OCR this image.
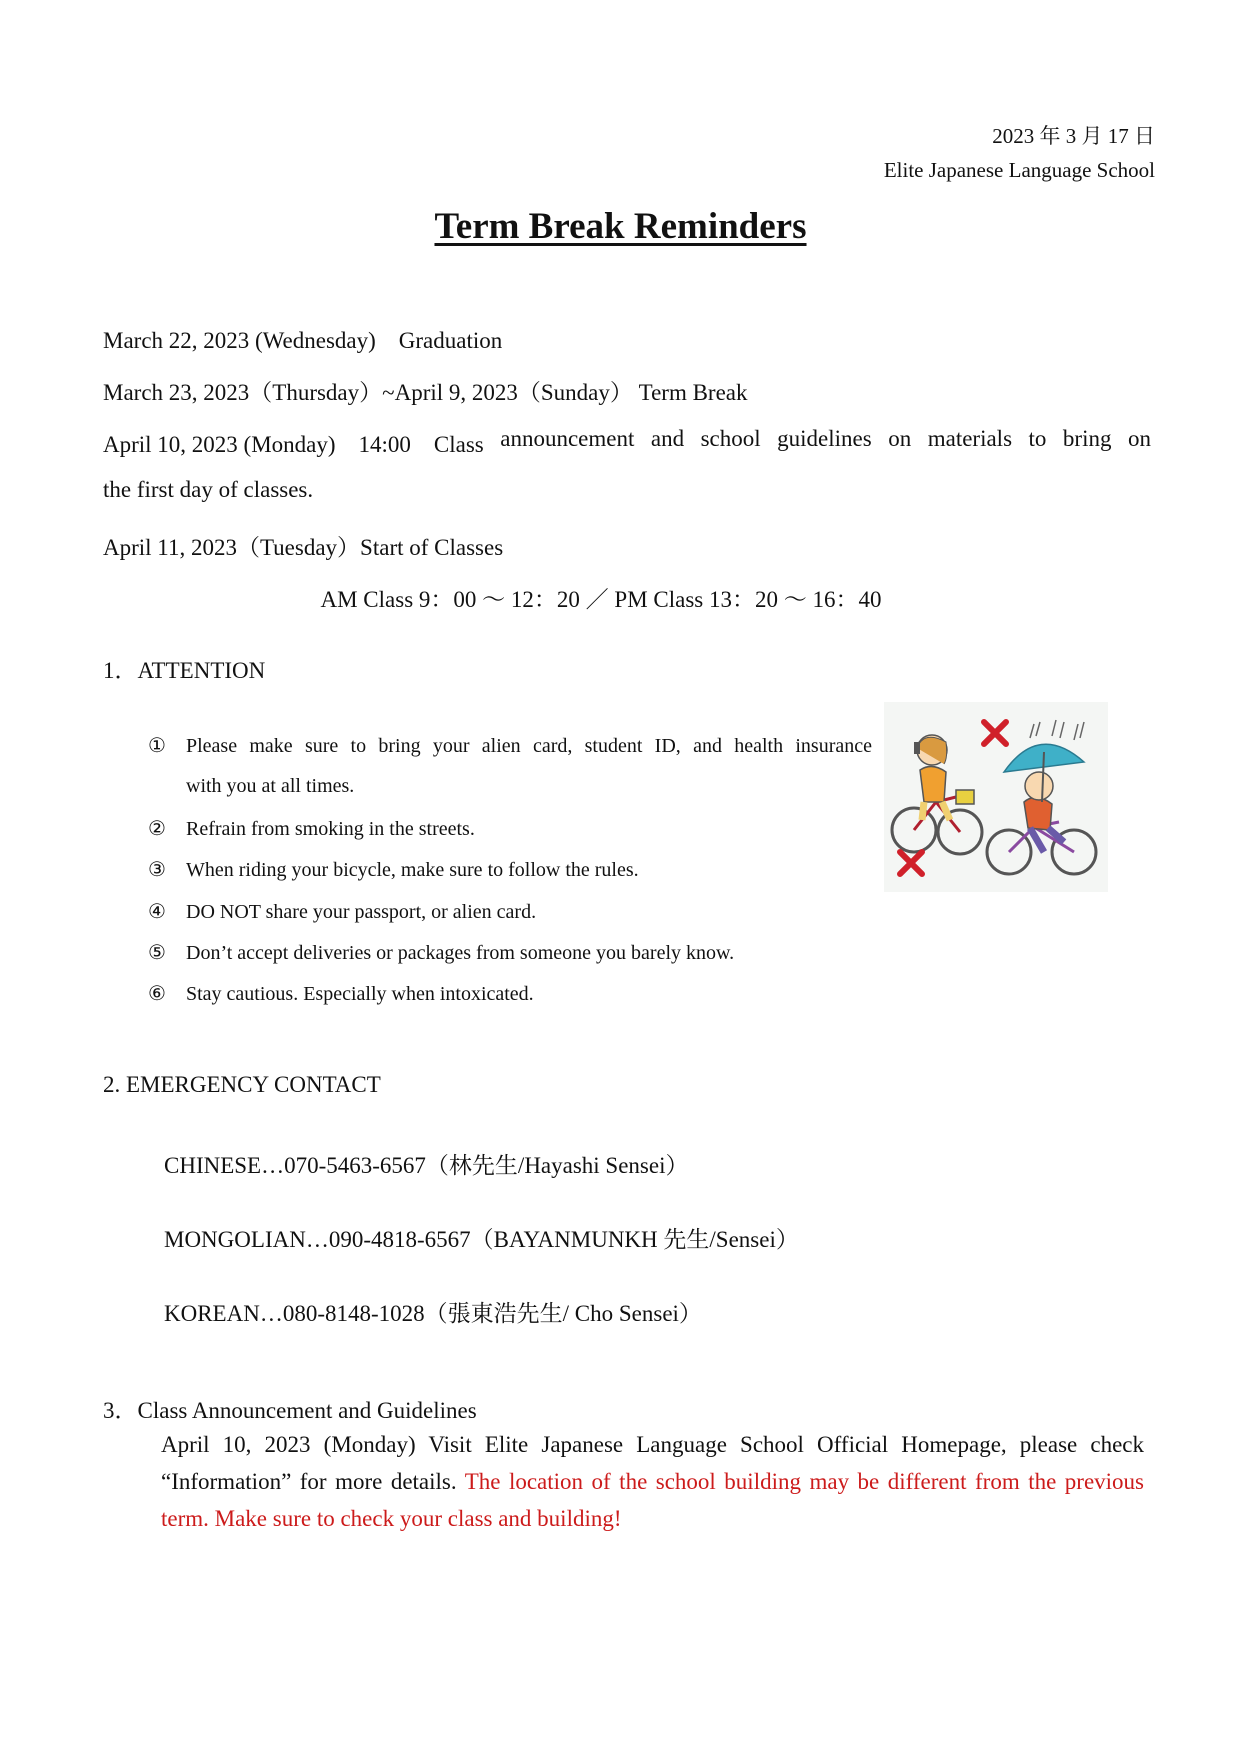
2023 年 3 月 17 日
Elite Japanese Language School
Term Break Reminders
March 22, 2023 (Wednesday)　Graduation
March 23, 2023（Thursday）~April 9, 2023（Sunday） Term Break
April 10, 2023 (Monday)　14:00　Class announcement and school guidelines on materials to bring on
the first day of classes.
April 11, 2023（Tuesday）Start of Classes
AM Class 9：00 ～ 12：20 ／ PM Class 13：20 ～ 16：40
1．ATTENTION
① Please make sure to bring your alien card, student ID, and health insurance
with you at all times.
② Refrain from smoking in the streets.
③ When riding your bicycle, make sure to follow the rules.
④ DO NOT share your passport, or alien card.
⑤ Don’t accept deliveries or packages from someone you barely know.
⑥ Stay cautious. Especially when intoxicated.
2. EMERGENCY CONTACT
CHINESE…070-5463-6567（林先生/Hayashi Sensei）
MONGOLIAN…090-4818-6567（BAYANMUNKH 先生/Sensei）
KOREAN…080-8148-1028（張東浩先生/ Cho Sensei）
3．Class Announcement and Guidelines
April 10, 2023 (Monday) Visit Elite Japanese Language School Official Homepage, please check “Information” for more details. The location of the school building may be different from the previous term. Make sure to check your class and building!
